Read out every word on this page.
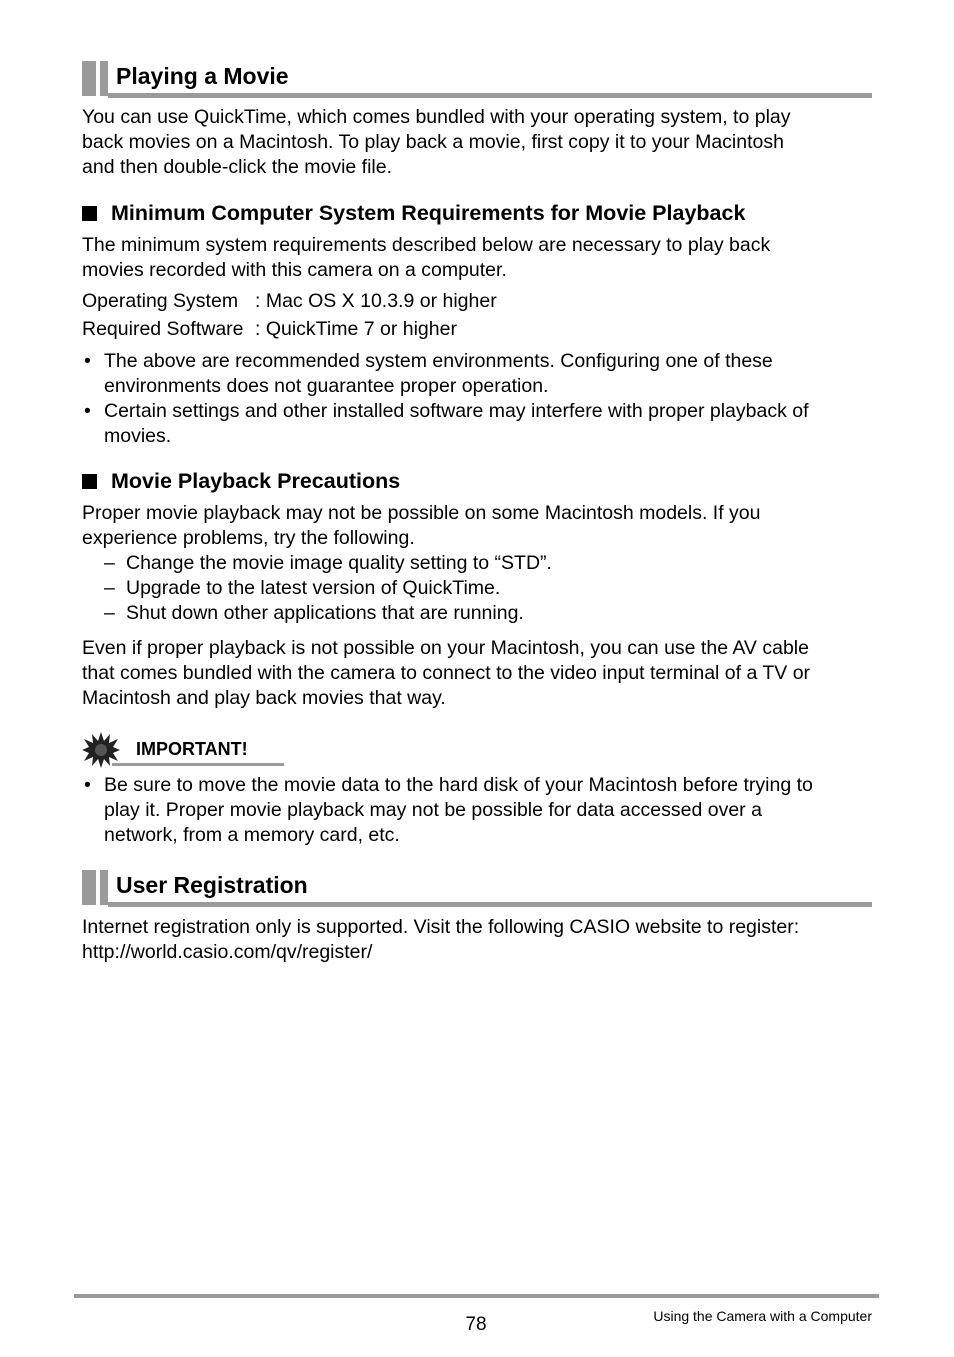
Playing a Movie
You can use QuickTime, which comes bundled with your operating system, to play
back movies on a Macintosh. To play back a movie, first copy it to your Macintosh
and then double-click the movie file.
Minimum Computer System Requirements for Movie Playback
The minimum system requirements described below are necessary to play back
movies recorded with this camera on a computer.
Operating System : Mac OS X 10.3.9 or higher
Required Software : QuickTime 7 or higher
• The above are recommended system environments. Configuring one of these
environments does not guarantee proper operation.
• Certain settings and other installed software may interfere with proper playback of
movies.
Movie Playback Precautions
Proper movie playback may not be possible on some Macintosh models. If you
experience problems, try the following.
– Change the movie image quality setting to “STD”.
– Upgrade to the latest version of QuickTime.
– Shut down other applications that are running.
Even if proper playback is not possible on your Macintosh, you can use the AV cable
that comes bundled with the camera to connect to the video input terminal of a TV or
Macintosh and play back movies that way.
IMPORTANT!
• Be sure to move the movie data to the hard disk of your Macintosh before trying to
play it. Proper movie playback may not be possible for data accessed over a
network, from a memory card, etc.
User Registration
Internet registration only is supported. Visit the following CASIO website to register:
http://world.casio.com/qv/register/
78	Using the Camera with a Computer
